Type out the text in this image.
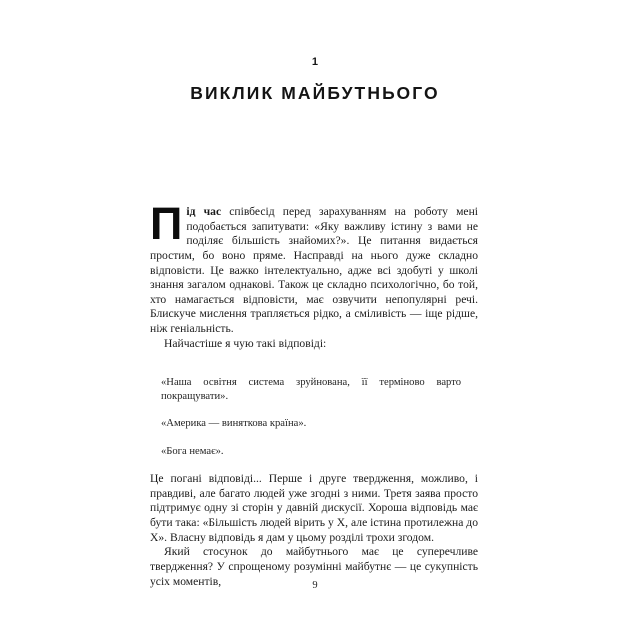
1
ВИКЛИК МАЙБУТНЬОГО

Під час співбесід перед зарахуванням на роботу мені подобається запитувати: «Яку важливу істину з вами не поділяє більшість знайомих?». Це питання видається простим, бо воно пряме. Насправді на нього дуже складно відповісти. Це важко інтелектуально, адже всі здобуті у школі знання загалом однакові. Також це складно психологічно, бо той, хто намагається відповісти, має озвучити непопулярні речі. Блискуче мислення трапляється рідко, а сміливість — іще рідше, ніж геніальність.

Найчастіше я чую такі відповіді:

«Наша освітня система зруйнована, її терміново варто покращувати».

«Америка — виняткова країна».

«Бога немає».

Це погані відповіді... Перше і друге твердження, можливо, і правдиві, але багато людей уже згодні з ними. Третя заява просто підтримує одну зі сторін у давній дискусії. Хороша відповідь має бути така: «Більшість людей вірить у Х, але істина протилежна до Х». Власну відповідь я дам у цьому розділі трохи згодом.

Який стосунок до майбутнього має це суперечливе твердження? У спрощеному розумінні майбутнє — це сукупність усіх моментів,	9
